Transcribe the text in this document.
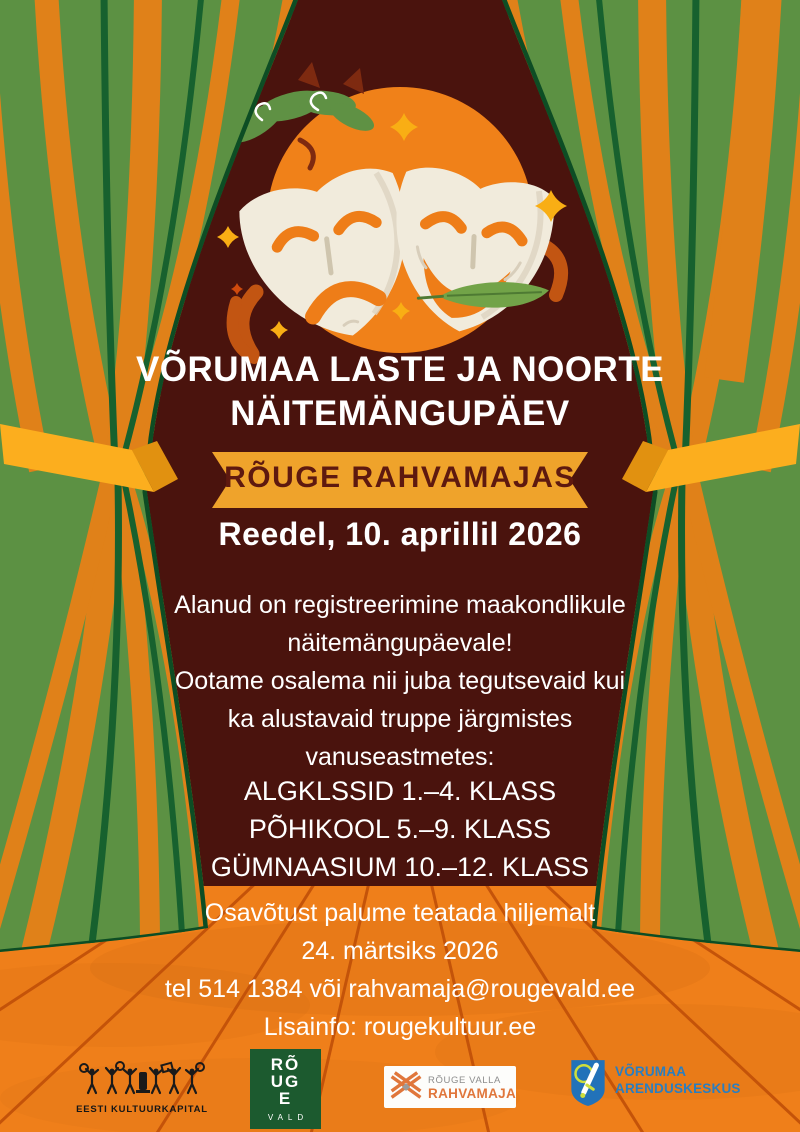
VÕRUMAA LASTE JA NOORTE
NÄITEMÄNGUPÄEV
RÕUGE RAHVAMAJAS
Reedel, 10. aprillil 2026
Alanud on registreerimine maakondlikule
näitemängupäevale!
Ootame osalema nii juba tegutsevaid kui
ka alustavaid truppe järgmistes
vanuseastmetes:
ALGKLSSID 1.–4. KLASS
PÕHIKOOL 5.–9. KLASS
GÜMNAASIUM 10.–12. KLASS
Osavõtust palume teatada hiljemalt
24. märtsiks 2026
tel 514 1384 või rahvamaja@rougevald.ee
Lisainfo: rougekultuur.ee
EESTI KULTUURKAPITAL
RÕ
UG
E
VALD
RÕUGE VALLA
RAHVAMAJA
VÕRUMAA
ARENDUSKESKUS
